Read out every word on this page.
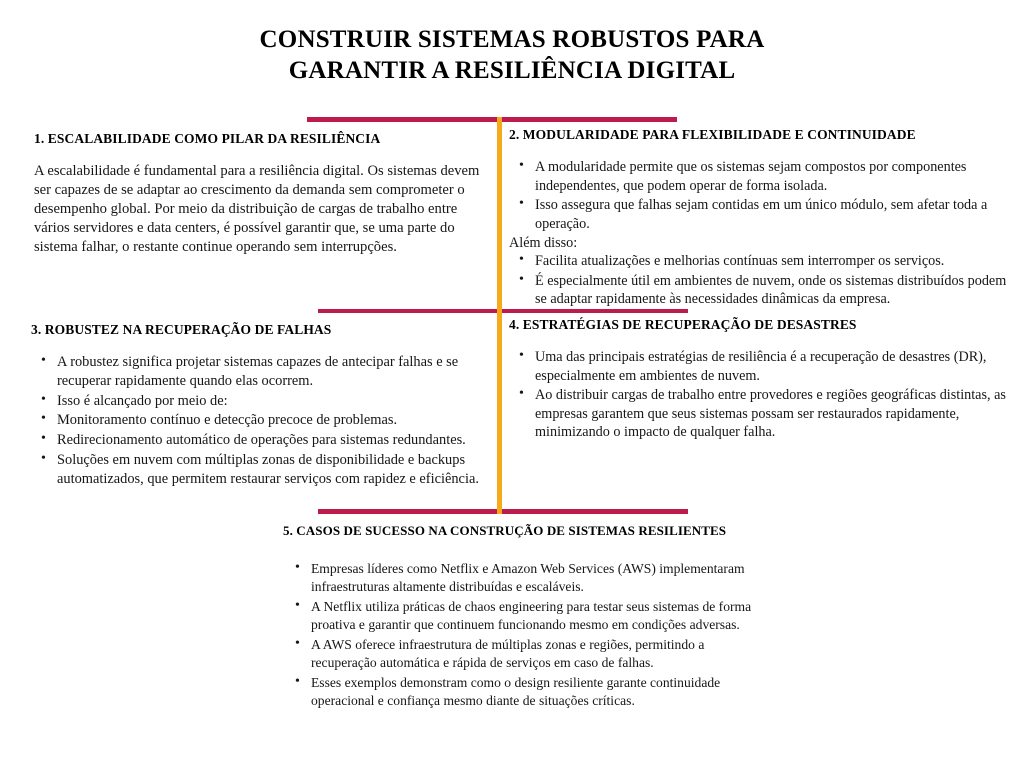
CONSTRUIR SISTEMAS ROBUSTOS PARA
GARANTIR A RESILIÊNCIA DIGITAL
1. ESCALABILIDADE COMO PILAR DA RESILIÊNCIA

A escalabilidade é fundamental para a resiliência digital. Os sistemas devem ser capazes de se adaptar ao crescimento da demanda sem comprometer o desempenho global. Por meio da distribuição de cargas de trabalho entre vários servidores e data centers, é possível garantir que, se uma parte do sistema falhar, o restante continue operando sem interrupções.

2. MODULARIDADE PARA FLEXIBILIDADE E CONTINUIDADE
• A modularidade permite que os sistemas sejam compostos por componentes independentes, que podem operar de forma isolada.
• Isso assegura que falhas sejam contidas em um único módulo, sem afetar toda a operação.

Além disso:

• Facilita atualizações e melhorias contínuas sem interromper os serviços.
• É especialmente útil em ambientes de nuvem, onde os sistemas distribuídos podem se adaptar rapidamente às necessidades dinâmicas da empresa.
3. ROBUSTEZ NA RECUPERAÇÃO DE FALHAS
• A robustez significa projetar sistemas capazes de antecipar falhas e se recuperar rapidamente quando elas ocorrem.
• Isso é alcançado por meio de:
• Monitoramento contínuo e detecção precoce de problemas.
• Redirecionamento automático de operações para sistemas redundantes.
• Soluções em nuvem com múltiplas zonas de disponibilidade e backups automatizados, que permitem restaurar serviços com rapidez e eficiência.
4. ESTRATÉGIAS DE RECUPERAÇÃO DE DESASTRES
• Uma das principais estratégias de resiliência é a recuperação de desastres (DR), especialmente em ambientes de nuvem.
• Ao distribuir cargas de trabalho entre provedores e regiões geográficas distintas, as empresas garantem que seus sistemas possam ser restaurados rapidamente, minimizando o impacto de qualquer falha.
5. CASOS DE SUCESSO NA CONSTRUÇÃO DE SISTEMAS RESILIENTES
• Empresas líderes como Netflix e Amazon Web Services (AWS) implementaram infraestruturas altamente distribuídas e escaláveis.
• A Netflix utiliza práticas de chaos engineering para testar seus sistemas de forma proativa e garantir que continuem funcionando mesmo em condições adversas.
• A AWS oferece infraestrutura de múltiplas zonas e regiões, permitindo a recuperação automática e rápida de serviços em caso de falhas.
• Esses exemplos demonstram como o design resiliente garante continuidade operacional e confiança mesmo diante de situações críticas.
